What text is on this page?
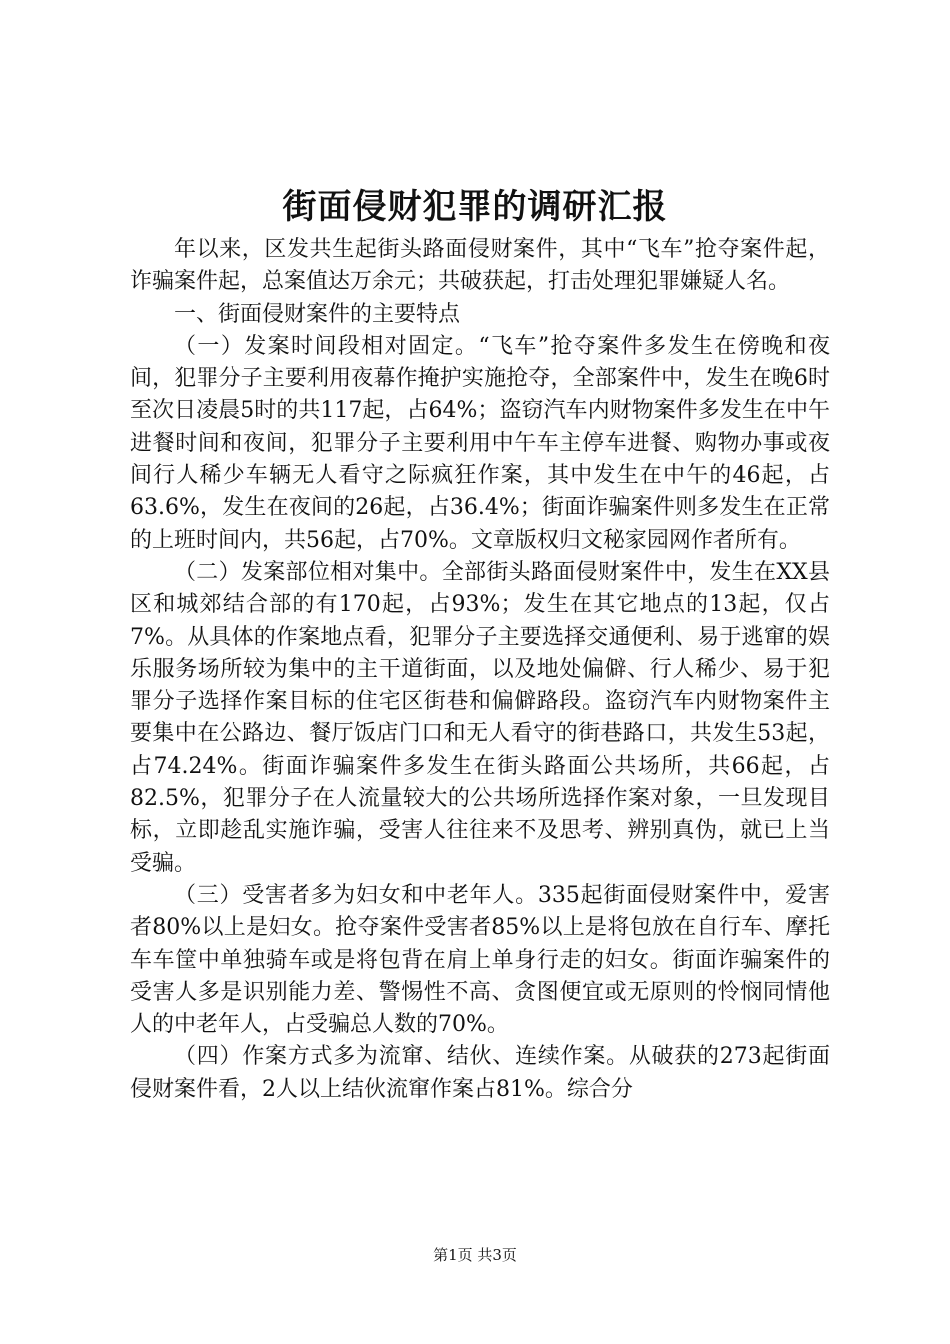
街面侵财犯罪的调研汇报

年以来，区发共生起街头路面侵财案件，其中“飞车”抢夺案件起，诈骗案件起，总案值达万余元；共破获起，打击处理犯罪嫌疑人名。

一、街面侵财案件的主要特点

（一）发案时间段相对固定。“飞车”抢夺案件多发生在傍晚和夜间，犯罪分子主要利用夜幕作掩护实施抢夺，全部案件中，发生在晚6时至次日凌晨5时的共117起，占64%；盗窃汽车内财物案件多发生在中午进餐时间和夜间，犯罪分子主要利用中午车主停车进餐、购物办事或夜间行人稀少车辆无人看守之际疯狂作案，其中发生在中午的46起，占63.6%，发生在夜间的26起，占36.4%；街面诈骗案件则多发生在正常的上班时间内，共56起，占70%。文章版权归文秘家园网作者所有。

（二）发案部位相对集中。全部街头路面侵财案件中，发生在XX县区和城郊结合部的有170起，占93%；发生在其它地点的13起，仅占7%。从具体的作案地点看，犯罪分子主要选择交通便利、易于逃窜的娱乐服务场所较为集中的主干道街面，以及地处偏僻、行人稀少、易于犯罪分子选择作案目标的住宅区街巷和偏僻路段。盗窃汽车内财物案件主要集中在公路边、餐厅饭店门口和无人看守的街巷路口，共发生53起，占74.24%。街面诈骗案件多发生在街头路面公共场所，共66起，占82.5%，犯罪分子在人流量较大的公共场所选择作案对象，一旦发现目标，立即趁乱实施诈骗，受害人往往来不及思考、辨别真伪，就已上当受骗。

（三）受害者多为妇女和中老年人。335起街面侵财案件中，爱害者80%以上是妇女。抢夺案件受害者85%以上是将包放在自行车、摩托车车筐中单独骑车或是将包背在肩上单身行走的妇女。街面诈骗案件的受害人多是识别能力差、警惕性不高、贪图便宜或无原则的怜悯同情他人的中老年人，占受骗总人数的70%。

（四）作案方式多为流窜、结伙、连续作案。从破获的273起街面侵财案件看，2人以上结伙流窜作案占81%。综合分

第1页 共3页
